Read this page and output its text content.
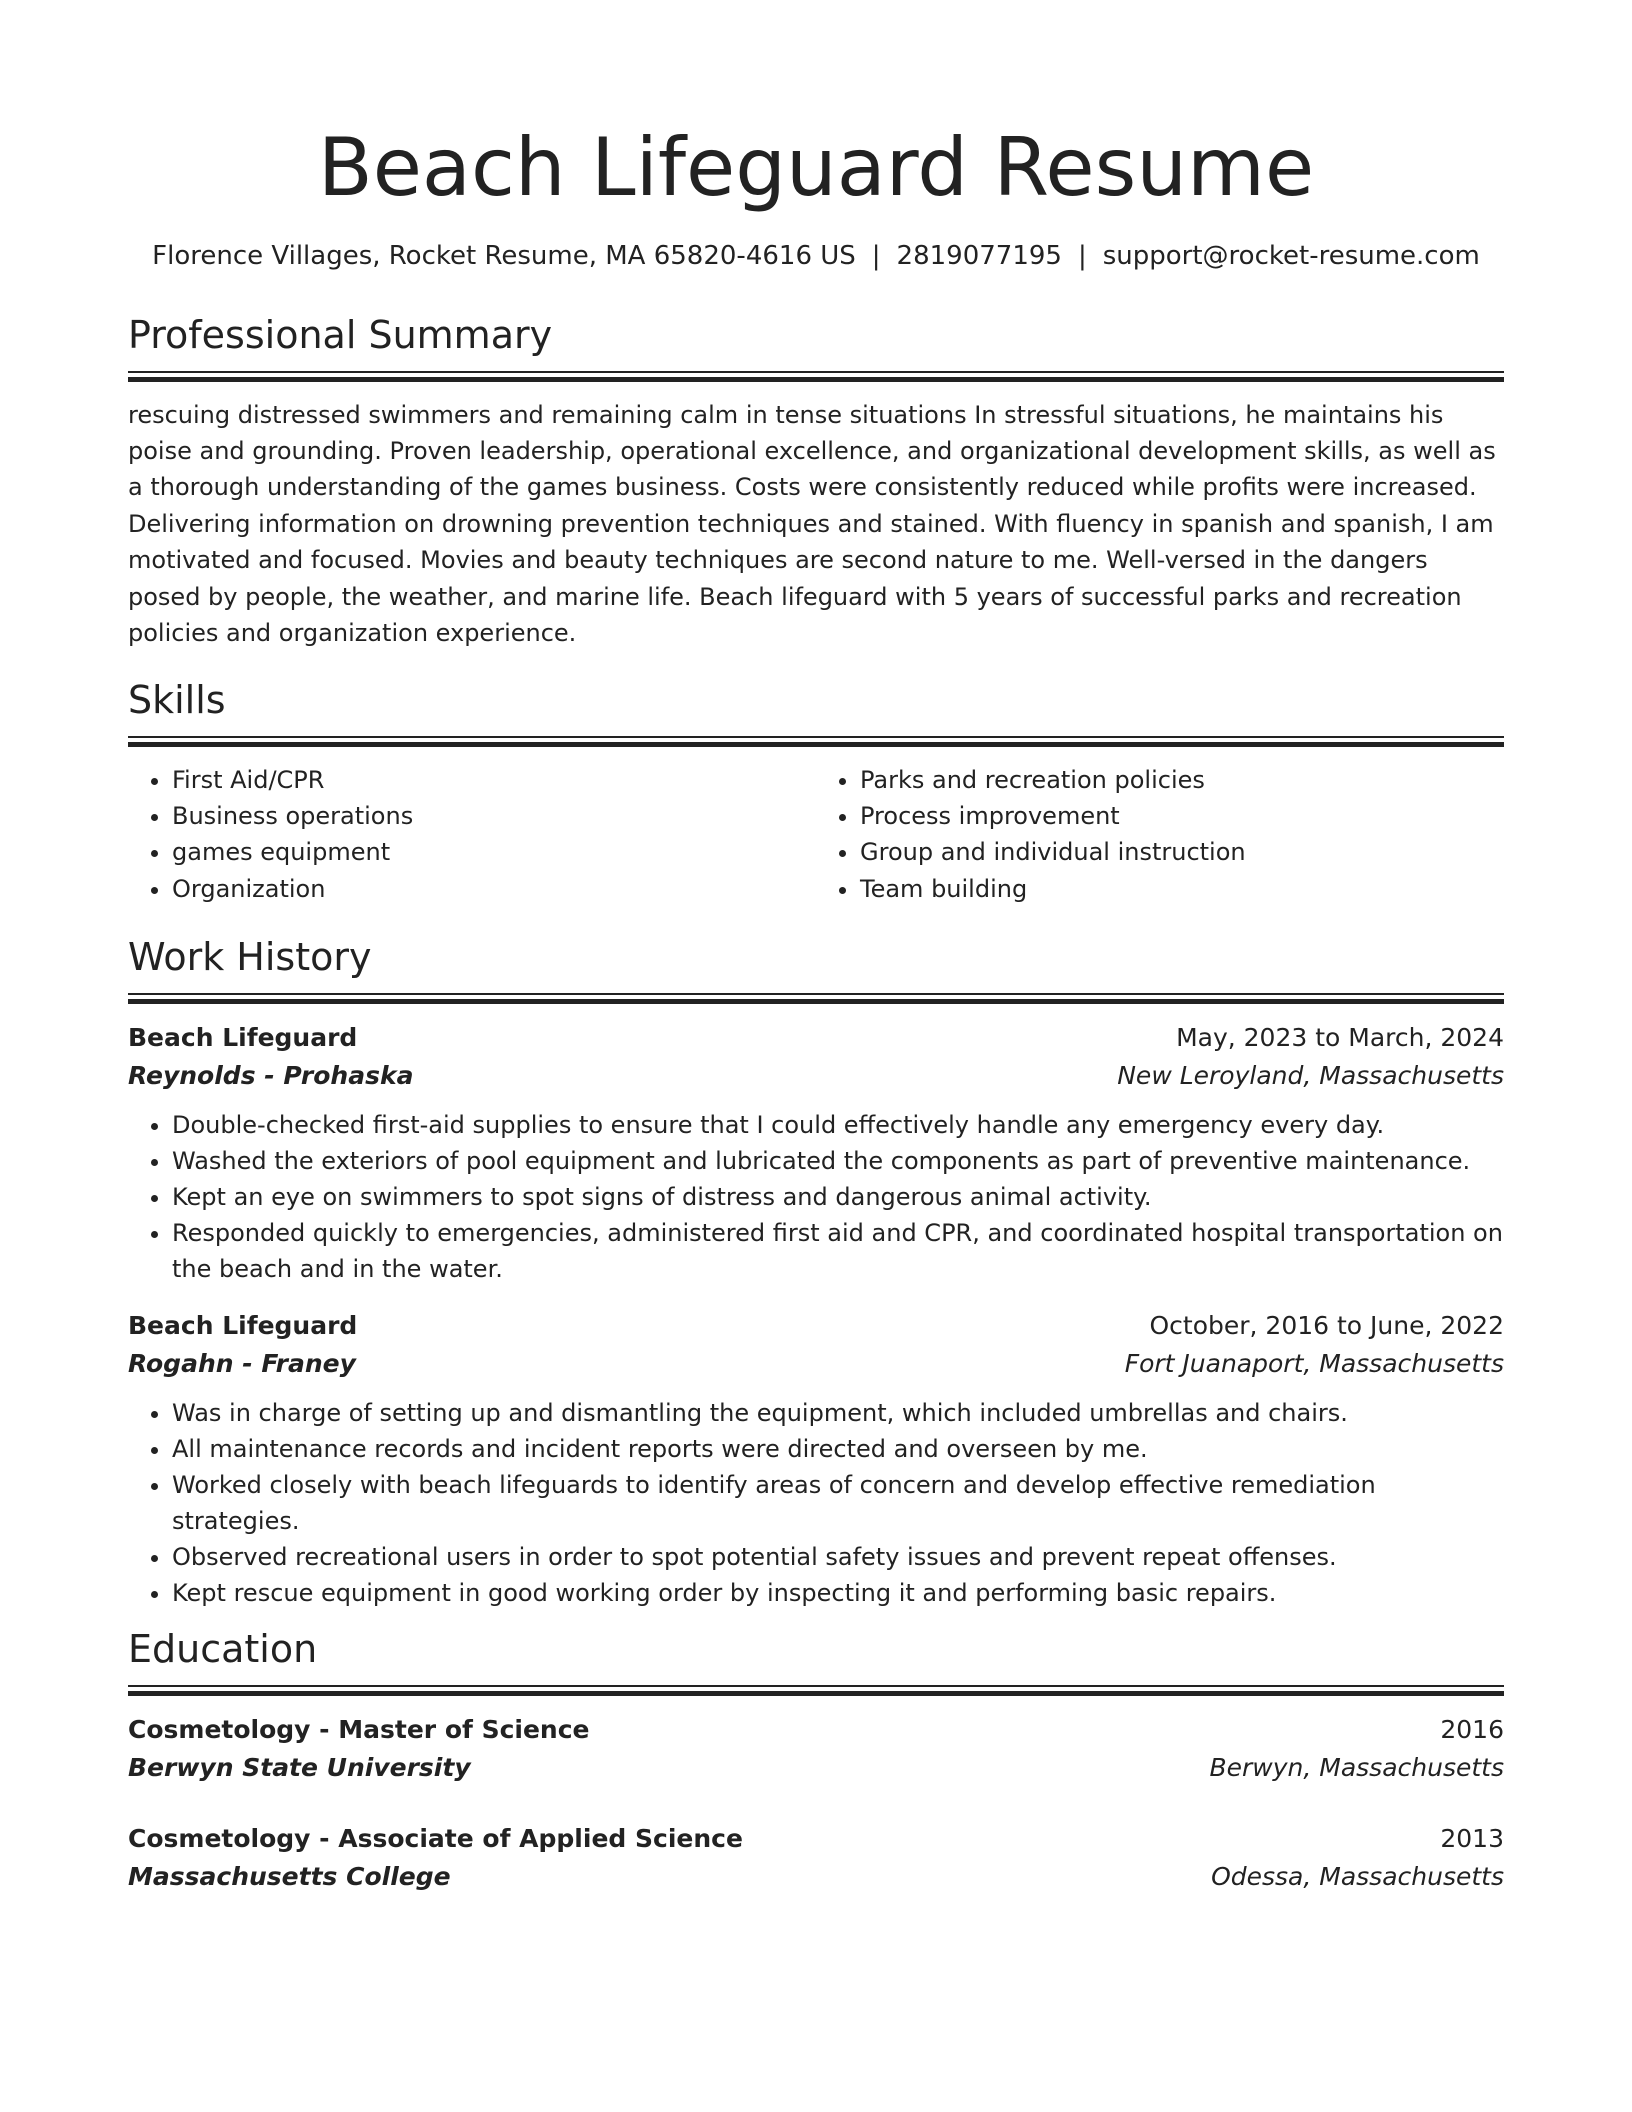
Beach Lifeguard Resume
Florence Villages, Rocket Resume, MA 65820-4616 US | 2819077195 | support@rocket-resume.com
Professional Summary

rescuing distressed swimmers and remaining calm in tense situations In stressful situations, he maintains his poise and grounding. Proven leadership, operational excellence, and organizational development skills, as well as a thorough understanding of the games business. Costs were consistently reduced while profits were increased. Delivering information on drowning prevention techniques and stained. With fluency in spanish and spanish, I am motivated and focused. Movies and beauty techniques are second nature to me. Well-versed in the dangers posed by people, the weather, and marine life. Beach lifeguard with 5 years of successful parks and recreation policies and organization experience.

Skills
• First Aid/CPR
• Business operations
• games equipment
• Organization
• Parks and recreation policies
• Process improvement
• Group and individual instruction
• Team building
Work History
Beach Lifeguard	May, 2023 to March, 2024
Reynolds - Prohaska	New Leroyland, Massachusetts
• Double-checked first-aid supplies to ensure that I could effectively handle any emergency every day.
• Washed the exteriors of pool equipment and lubricated the components as part of preventive maintenance.
• Kept an eye on swimmers to spot signs of distress and dangerous animal activity.
• Responded quickly to emergencies, administered first aid and CPR, and coordinated hospital transportation on the beach and in the water.
Beach Lifeguard	October, 2016 to June, 2022
Rogahn - Franey	Fort Juanaport, Massachusetts
• Was in charge of setting up and dismantling the equipment, which included umbrellas and chairs.
• All maintenance records and incident reports were directed and overseen by me.
• Worked closely with beach lifeguards to identify areas of concern and develop effective remediation strategies.
• Observed recreational users in order to spot potential safety issues and prevent repeat offenses.
• Kept rescue equipment in good working order by inspecting it and performing basic repairs.
Education
Cosmetology - Master of Science	2016
Berwyn State University	Berwyn, Massachusetts
Cosmetology - Associate of Applied Science	2013
Massachusetts College	Odessa, Massachusetts
